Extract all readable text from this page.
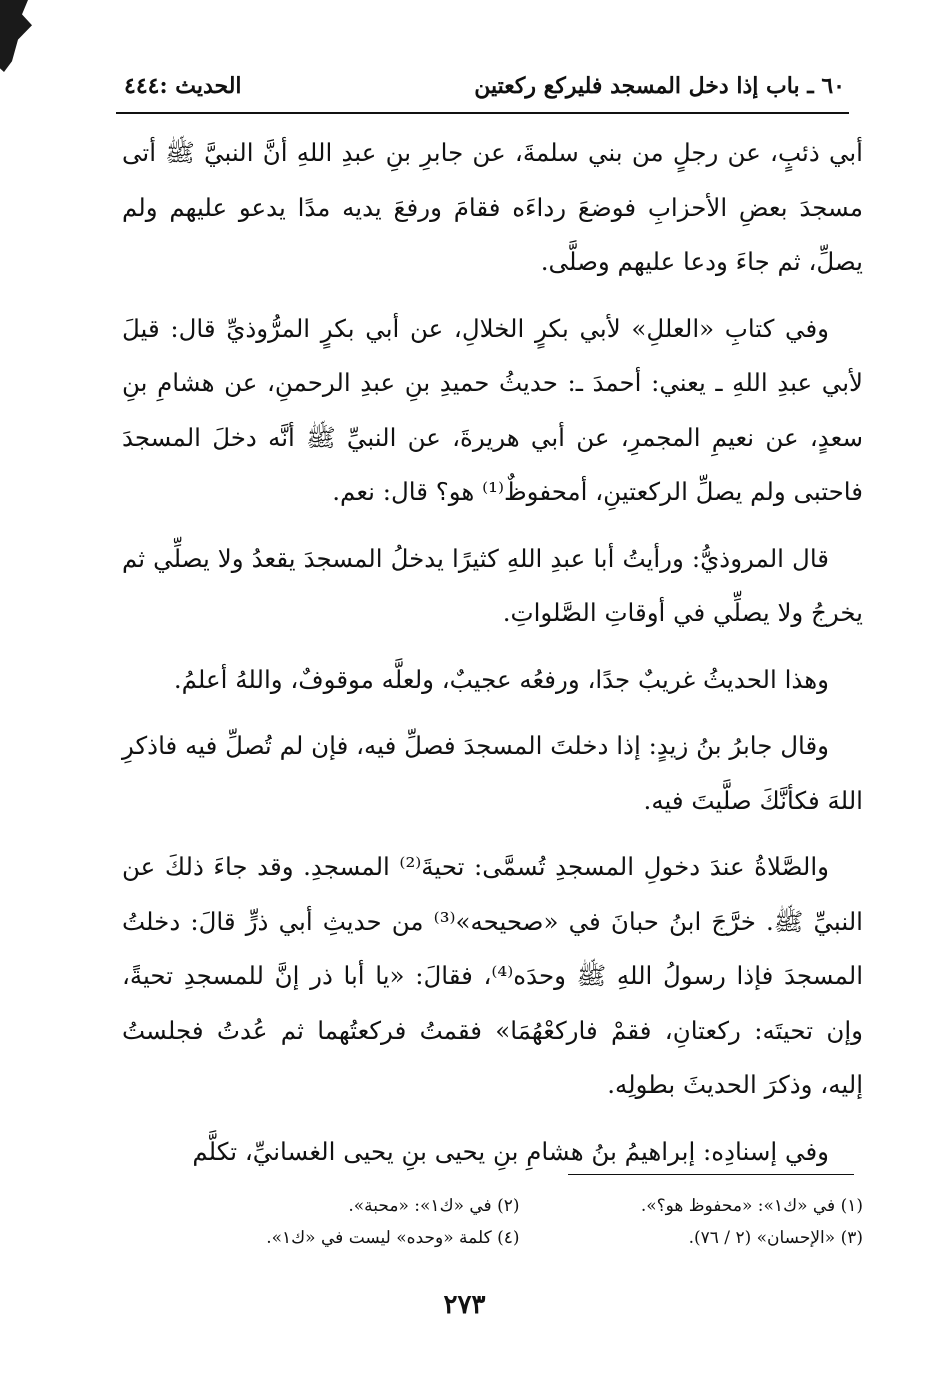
٦٠ ـ باب إذا دخل المسجد فليركع ركعتين
الحديث :٤٤٤

أبي ذئبٍ، عن رجلٍ من بني سلمةَ، عن جابرِ بنِ عبدِ اللهِ أنَّ النبيَّ ﷺ أتى مسجدَ بعضِ الأحزابِ فوضعَ رداءَه فقامَ ورفعَ يديه مدًا يدعو عليهم ولم يصلِّ، ثم جاءَ ودعا عليهم وصلَّى.

وفي كتابِ «العللِ» لأبي بكرٍ الخلالِ، عن أبي بكرٍ المرُّوذيِّ قال: قيلَ لأبي عبدِ اللهِ ـ يعني: أحمدَ ـ: حديثُ حميدِ بنِ عبدِ الرحمنِ، عن هشامِ بنِ سعدٍ، عن نعيمِ المجمرِ، عن أبي هريرةَ، عن النبيِّ ﷺ أنَّه دخلَ المسجدَ فاحتبى ولم يصلِّ الركعتينِ، أمحفوظٌ⁽¹⁾ هو؟ قال: نعم.

قال المروذيُّ: ورأيتُ أبا عبدِ اللهِ كثيرًا يدخلُ المسجدَ يقعدُ ولا يصلِّي ثم يخرجُ ولا يصلِّي في أوقاتِ الصَّلواتِ.

وهذا الحديثُ غريبٌ جدًا، ورفعُه عجيبٌ، ولعلَّه موقوفٌ، واللهُ أعلمُ.

وقال جابرُ بنُ زيدٍ: إذا دخلتَ المسجدَ فصلِّ فيه، فإن لم تُصلِّ فيه فاذكرِ اللهَ فكأنَّكَ صلَّيتَ فيه.

والصَّلاةُ عندَ دخولِ المسجدِ تُسمَّى: تحيةَ⁽²⁾ المسجدِ. وقد جاءَ ذلكَ عن النبيِّ ﷺ. خرَّجَ ابنُ حبانَ في «صحيحه»⁽³⁾ من حديثِ أبي ذرٍّ قالَ: دخلتُ المسجدَ فإذا رسولُ اللهِ ﷺ وحدَه⁽⁴⁾، فقالَ: «يا أبا ذر إنَّ للمسجدِ تحيةً، وإن تحيتَه: ركعتانِ، فقمْ فاركعْهُمَا» فقمتُ فركعتُهما ثم عُدتُ فجلستُ إليه، وذكرَ الحديثَ بطولِه.

وفي إسنادِه: إبراهيمُ بنُ هشامِ بنِ يحيى بنِ يحيى الغسانيِّ، تكلَّم

(١) في «ك١»: «محفوظ هو؟».
(٢) في «ك١»: «محبة».
(٣) «الإحسان» (٢ / ٧٦).
(٤) كلمة «وحده» ليست في «ك١».
٢٧٣
